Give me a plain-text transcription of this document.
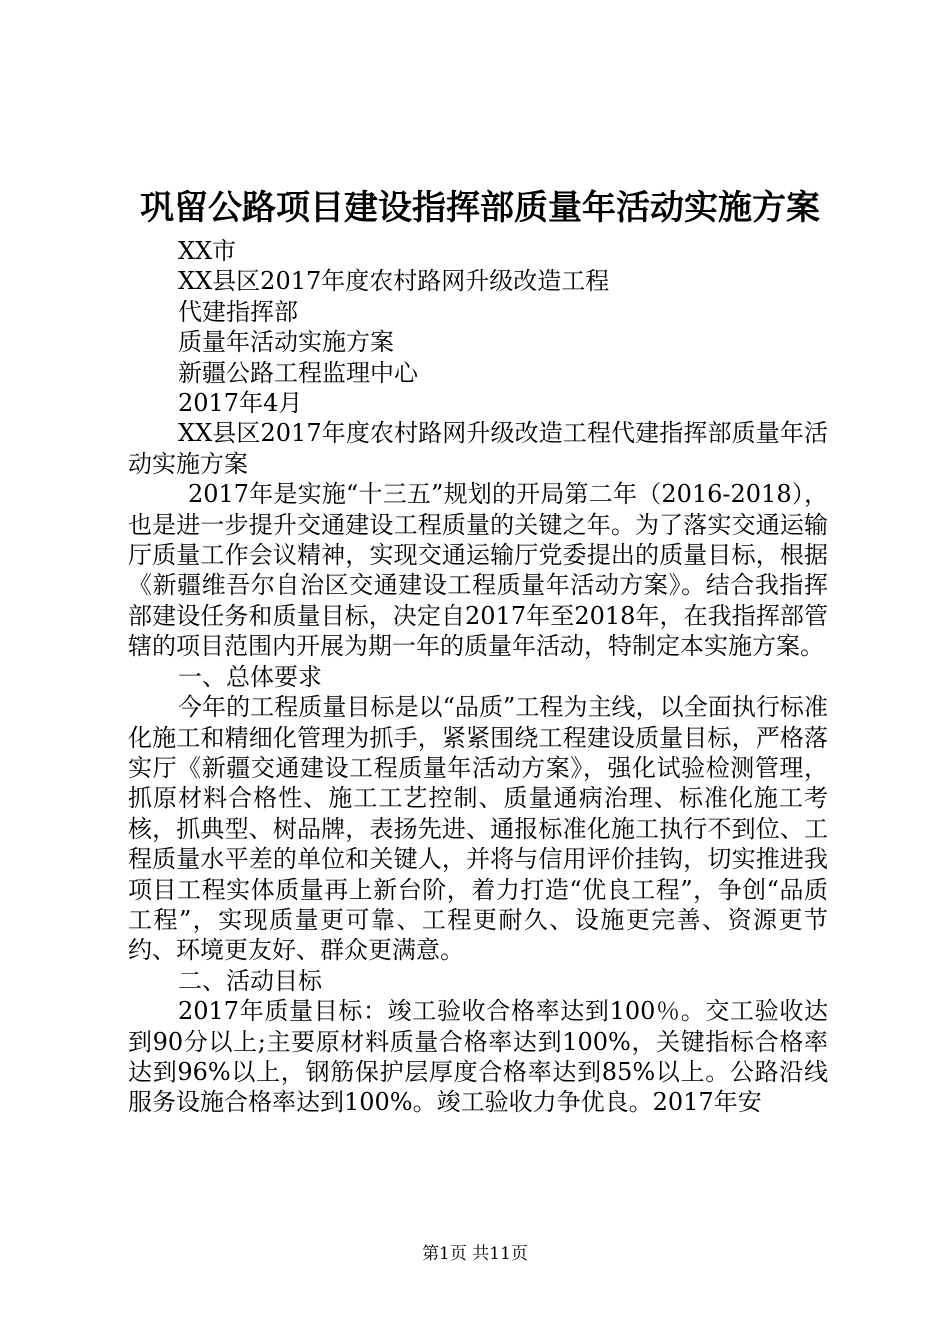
巩留公路项目建设指挥部质量年活动实施方案
XX市
XX县区2017年度农村路网升级改造工程
代建指挥部
质量年活动实施方案
新疆公路工程监理中心
2017年4月

XX县区2017年度农村路网升级改造工程代建指挥部质量年活动实施方案

2017年是实施“十三五”规划的开局第二年（2016-2018），也是进一步提升交通建设工程质量的关键之年。为了落实交通运输厅质量工作会议精神，实现交通运输厅党委提出的质量目标，根据《新疆维吾尔自治区交通建设工程质量年活动方案》。结合我指挥部建设任务和质量目标，决定自2017年至2018年，在我指挥部管辖的项目范围内开展为期一年的质量年活动，特制定本实施方案。

一、总体要求

今年的工程质量目标是以“品质”工程为主线，以全面执行标准化施工和精细化管理为抓手，紧紧围绕工程建设质量目标，严格落实厅《新疆交通建设工程质量年活动方案》，强化试验检测管理，抓原材料合格性、施工工艺控制、质量通病治理、标准化施工考核，抓典型、树品牌，表扬先进、通报标准化施工执行不到位、工程质量水平差的单位和关键人，并将与信用评价挂钩，切实推进我项目工程实体质量再上新台阶，着力打造“优良工程”，争创“品质工程”，实现质量更可靠、工程更耐久、设施更完善、资源更节约、环境更友好、群众更满意。

二、活动目标

2017年质量目标：竣工验收合格率达到100％。交工验收达到90分以上;主要原材料质量合格率达到100%，关键指标合格率达到96%以上，钢筋保护层厚度合格率达到85%以上。公路沿线服务设施合格率达到100%。竣工验收力争优良。2017年安

第1页 共11页
